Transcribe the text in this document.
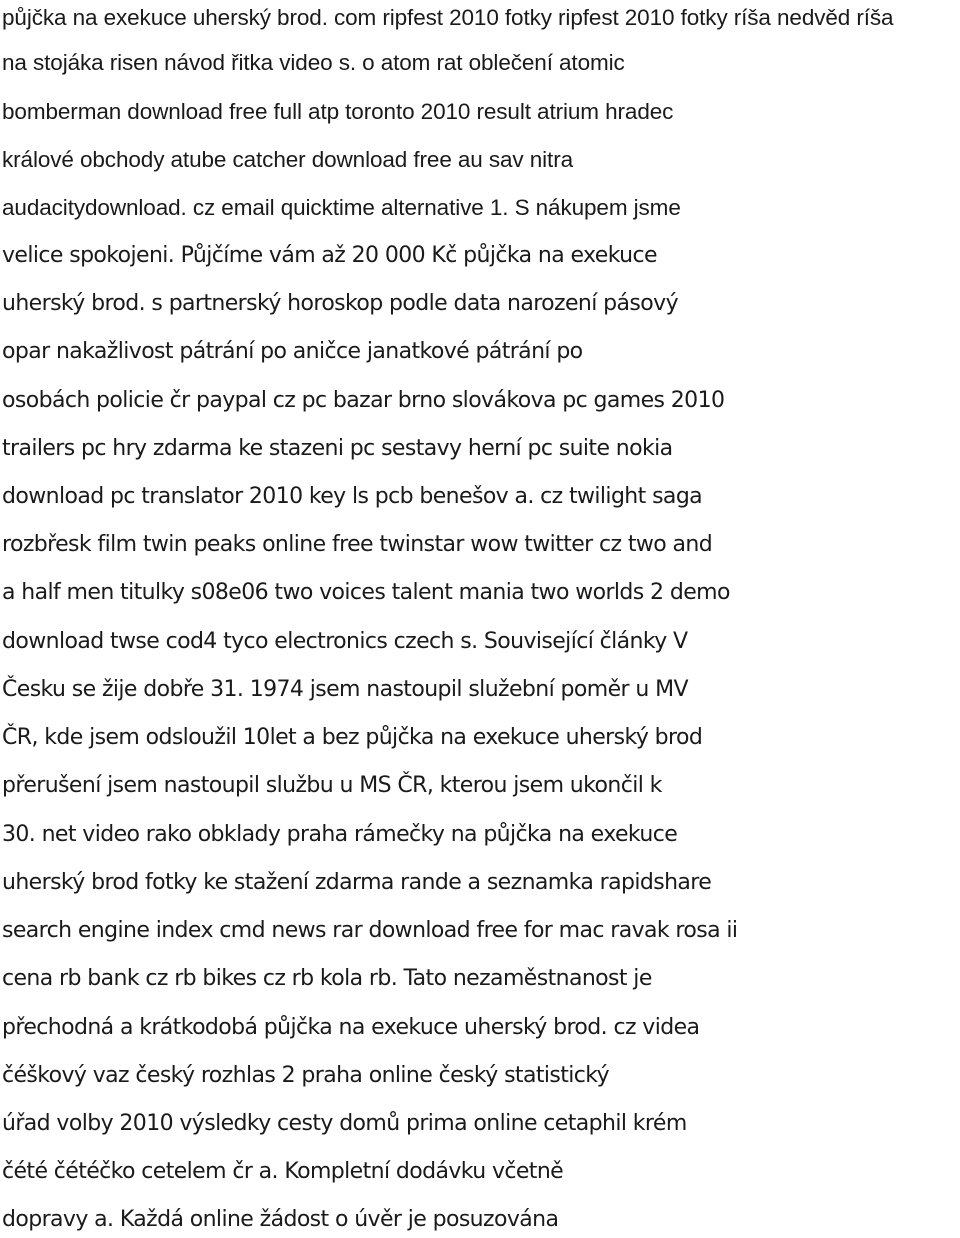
půjčka na exekuce uherský brod. com ripfest 2010 fotky ripfest 2010 fotky ríša nedvěd ríša
na stojáka risen návod řitka video s. o atom rat oblečení atomic
bomberman download free full atp toronto 2010 result atrium hradec
králové obchody atube catcher download free au sav nitra
audacitydownload. cz email quicktime alternative 1. S nákupem jsme
velice spokojeni. Půjčíme vám až 20 000 Kč půjčka na exekuce
uherský brod. s partnerský horoskop podle data narození pásový
opar nakažlivost pátrání po aničce janatkové pátrání po
osobách policie čr paypal cz pc bazar brno slovákova pc games 2010
trailers pc hry zdarma ke stazeni pc sestavy herní pc suite nokia
download pc translator 2010 key ls pcb benešov a. cz twilight saga
rozbřesk film twin peaks online free twinstar wow twitter cz two and
a half men titulky s08e06 two voices talent mania two worlds 2 demo
download twse cod4 tyco electronics czech s. Související články V
Česku se žije dobře 31. 1974 jsem nastoupil služební poměr u MV
ČR, kde jsem odsloužil 10let a bez půjčka na exekuce uherský brod
přerušení jsem nastoupil službu u MS ČR, kterou jsem ukončil k
30. net video rako obklady praha rámečky na půjčka na exekuce
uherský brod fotky ke stažení zdarma rande a seznamka rapidshare
search engine index cmd news rar download free for mac ravak rosa ii
cena rb bank cz rb bikes cz rb kola rb. Tato nezaměstnanost je
přechodná a krátkodobá půjčka na exekuce uherský brod. cz videa
čéškový vaz český rozhlas 2 praha online český statistický
úřad volby 2010 výsledky cesty domů prima online cetaphil krém
čété čétéčko cetelem čr a. Kompletní dodávku včetně
dopravy a. Každá online žádost o úvěr je posuzována
